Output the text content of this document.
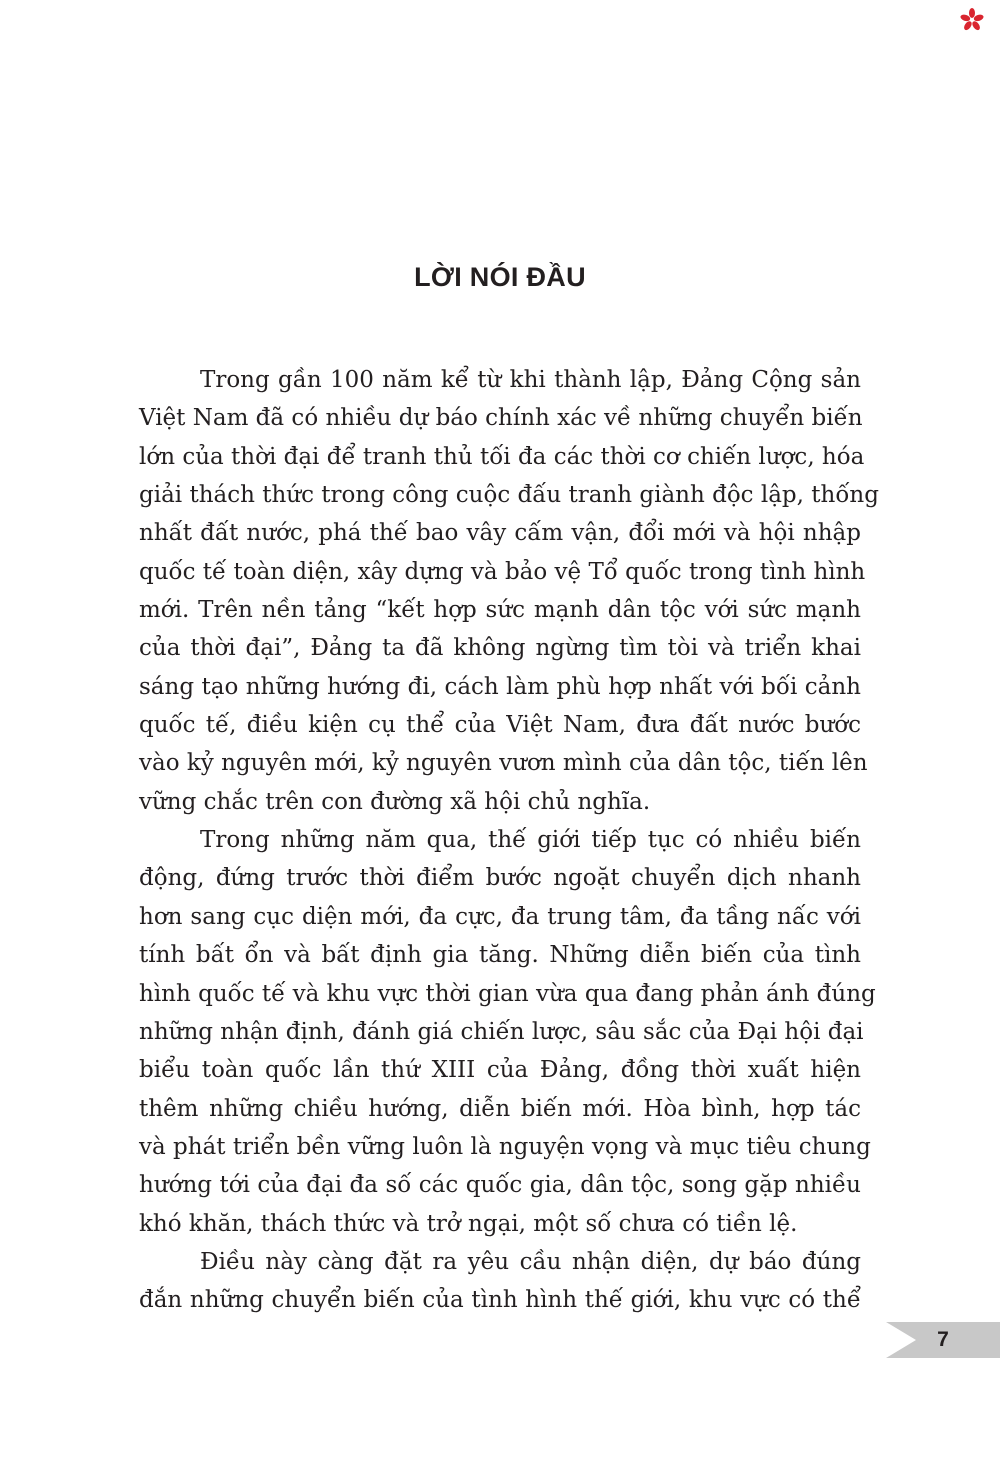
LỜI NÓI ĐẦU
Trong gần 100 năm kể từ khi thành lập, Đảng Cộng sản
Việt Nam đã có nhiều dự báo chính xác về những chuyển biến
lớn của thời đại để tranh thủ tối đa các thời cơ chiến lược, hóa
giải thách thức trong công cuộc đấu tranh giành độc lập, thống
nhất đất nước, phá thế bao vây cấm vận, đổi mới và hội nhập
quốc tế toàn diện, xây dựng và bảo vệ Tổ quốc trong tình hình
mới. Trên nền tảng “kết hợp sức mạnh dân tộc với sức mạnh
của thời đại”, Đảng ta đã không ngừng tìm tòi và triển khai
sáng tạo những hướng đi, cách làm phù hợp nhất với bối cảnh
quốc tế, điều kiện cụ thể của Việt Nam, đưa đất nước bước
vào kỷ nguyên mới, kỷ nguyên vươn mình của dân tộc, tiến lên
vững chắc trên con đường xã hội chủ nghĩa.
Trong những năm qua, thế giới tiếp tục có nhiều biến
động, đứng trước thời điểm bước ngoặt chuyển dịch nhanh
hơn sang cục diện mới, đa cực, đa trung tâm, đa tầng nấc với
tính bất ổn và bất định gia tăng. Những diễn biến của tình
hình quốc tế và khu vực thời gian vừa qua đang phản ánh đúng
những nhận định, đánh giá chiến lược, sâu sắc của Đại hội đại
biểu toàn quốc lần thứ XIII của Đảng, đồng thời xuất hiện
thêm những chiều hướng, diễn biến mới. Hòa bình, hợp tác
và phát triển bền vững luôn là nguyện vọng và mục tiêu chung
hướng tới của đại đa số các quốc gia, dân tộc, song gặp nhiều
khó khăn, thách thức và trở ngại, một số chưa có tiền lệ.
Điều này càng đặt ra yêu cầu nhận diện, dự báo đúng
đắn những chuyển biến của tình hình thế giới, khu vực có thể
7
